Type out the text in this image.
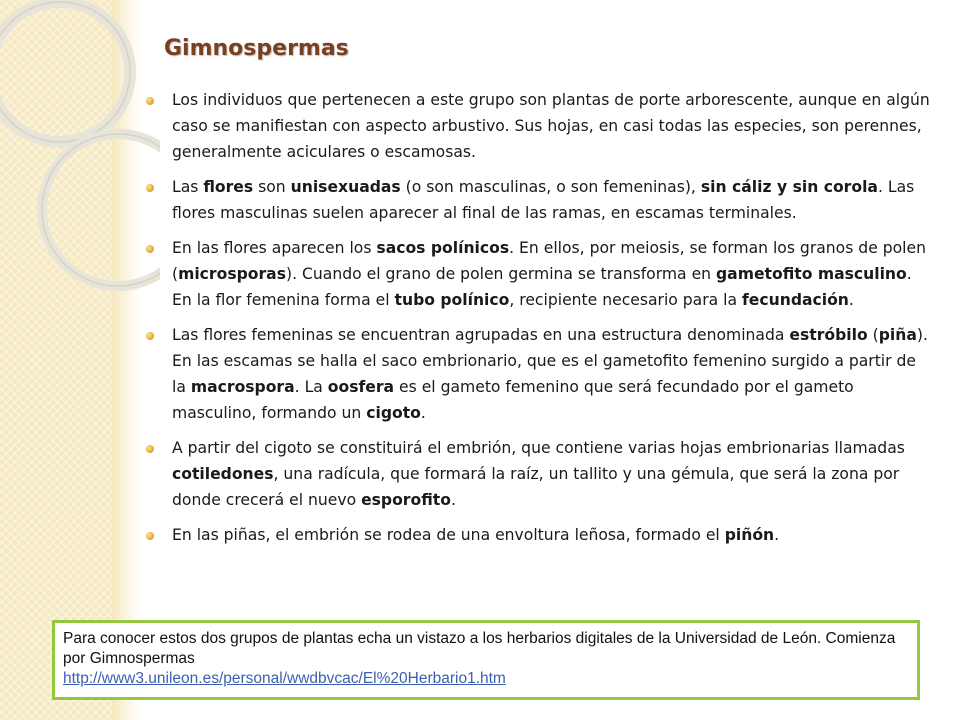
Gimnospermas
Los individuos que pertenecen a este grupo son plantas de porte arborescente, aunque en algún caso se manifiestan con aspecto arbustivo. Sus hojas, en casi todas las especies, son perennes, generalmente aciculares o escamosas.
Las flores son unisexuadas (o son masculinas, o son femeninas), sin cáliz y sin corola. Las flores masculinas suelen aparecer al final de las ramas, en escamas terminales.
En las flores aparecen los sacos polínicos. En ellos, por meiosis, se forman los granos de polen (microsporas). Cuando el grano de polen germina se transforma en gametofito masculino. En la flor femenina forma el tubo polínico, recipiente necesario para la fecundación.
Las flores femeninas se encuentran agrupadas en una estructura denominada estróbilo (piña). En las escamas se halla el saco embrionario, que es el gametofito femenino surgido a partir de la macrospora. La oosfera es el gameto femenino que será fecundado por el gameto masculino, formando un cigoto.
A partir del cigoto se constituirá el embrión, que contiene varias hojas embrionarias llamadas cotiledones, una radícula, que formará la raíz, un tallito y una gémula, que será la zona por donde crecerá el nuevo esporofito.
En las piñas, el embrión se rodea de una envoltura leñosa, formado el piñón.
Para conocer estos dos grupos de plantas echa un vistazo a los herbarios digitales de la Universidad de León. Comienza por Gimnospermas
http://www3.unileon.es/personal/wwdbvcac/El%20Herbario1.htm
